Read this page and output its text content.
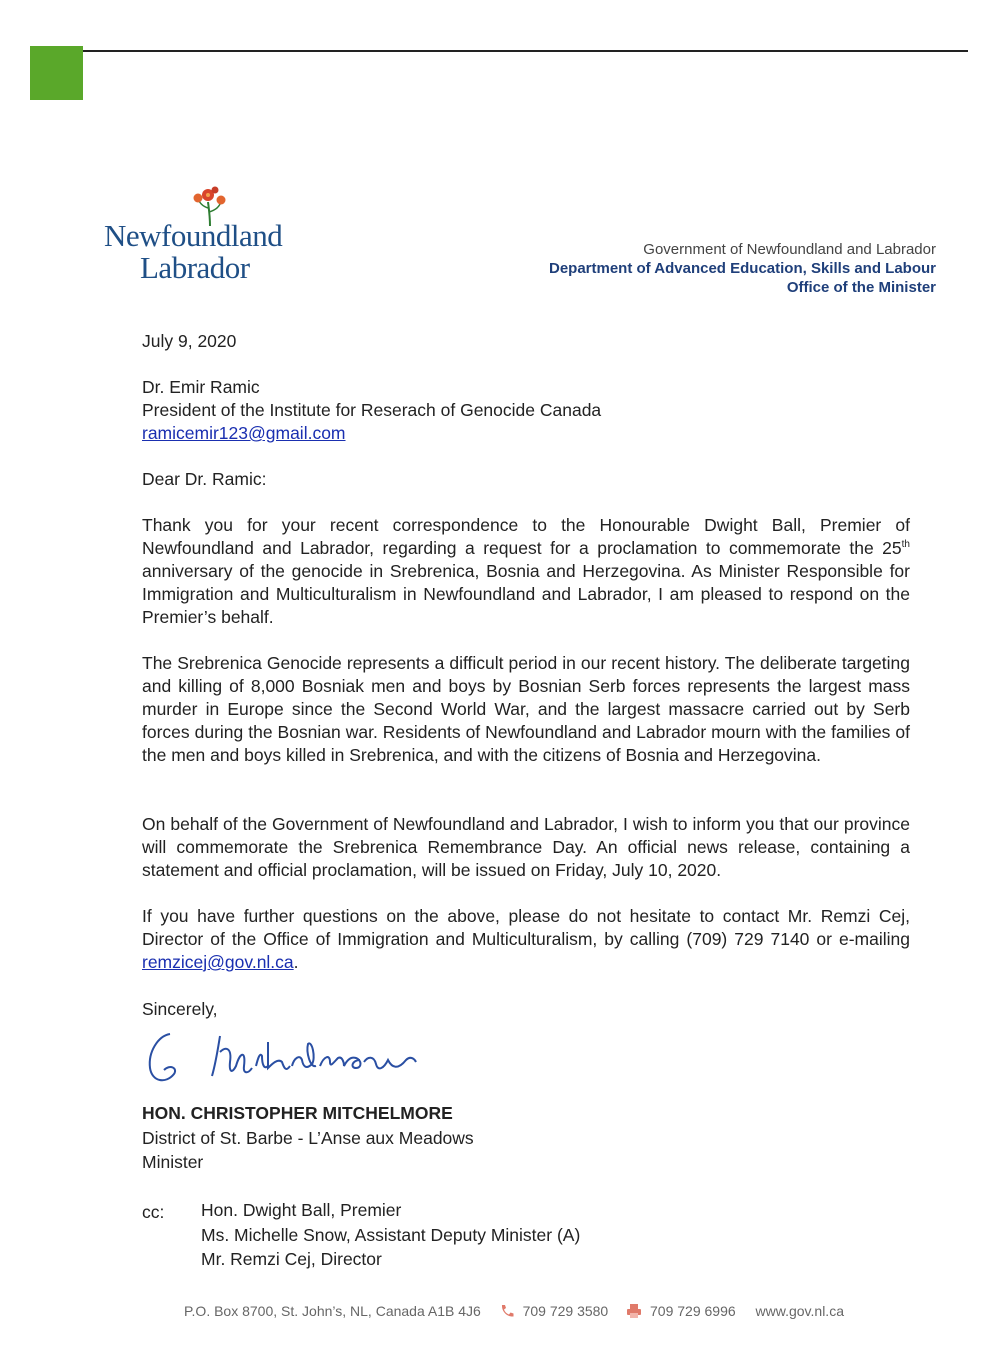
Newfoundland
Labrador
Government of Newfoundland and Labrador
Department of Advanced Education, Skills and Labour
Office of the Minister
July 9, 2020
Dr. Emir Ramic
President of the Institute for Reserach of Genocide Canada
ramicemir123@gmail.com
Dear Dr. Ramic:

Thank you for your recent correspondence to the Honourable Dwight Ball, Premier of Newfoundland and Labrador, regarding a request for a proclamation to commemorate the 25th anniversary of the genocide in Srebrenica, Bosnia and Herzegovina. As Minister Responsible for Immigration and Multiculturalism in Newfoundland and Labrador, I am pleased to respond on the Premier’s behalf.

The Srebrenica Genocide represents a difficult period in our recent history. The deliberate targeting and killing of 8,000 Bosniak men and boys by Bosnian Serb forces represents the largest mass murder in Europe since the Second World War, and the largest massacre carried out by Serb forces during the Bosnian war. Residents of Newfoundland and Labrador mourn with the families of the men and boys killed in Srebrenica, and with the citizens of Bosnia and Herzegovina.

On behalf of the Government of Newfoundland and Labrador, I wish to inform you that our province will commemorate the Srebrenica Remembrance Day. An official news release, containing a statement and official proclamation, will be issued on Friday, July 10, 2020.

If you have further questions on the above, please do not hesitate to contact Mr. Remzi Cej, Director of the Office of Immigration and Multiculturalism, by calling (709) 729 7140 or e-mailing remzicej@gov.nl.ca.

Sincerely,
HON. CHRISTOPHER MITCHELMORE
District of St. Barbe - L’Anse aux Meadows
Minister
cc: Hon. Dwight Ball, Premier
Ms. Michelle Snow, Assistant Deputy Minister (A)
Mr. Remzi Cej, Director
P.O. Box 8700, St. John’s, NL, Canada A1B 4J6	709 729 3580	709 729 6996 www.gov.nl.ca
